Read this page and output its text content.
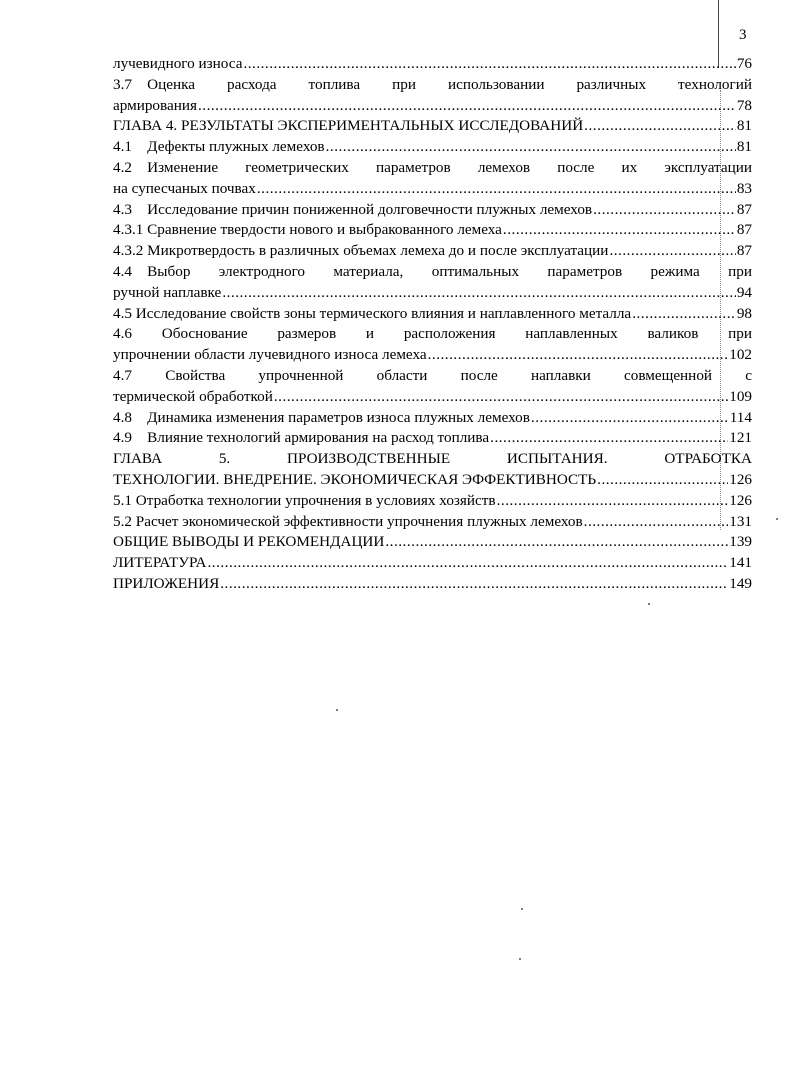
3
лучевидного износа .....	76
3.7 Оценка расхода топлива при использовании различных технологий
армирования .....	78
ГЛАВА 4. РЕЗУЛЬТАТЫ ЭКСПЕРИМЕНТАЛЬНЫХ ИССЛЕДОВАНИЙ .....	81
4.1 Дефекты плужных лемехов .....	81
4.2 Изменение геометрических параметров лемехов после их эксплуатации
на супесчаных почвах .....	83
4.3 Исследование причин пониженной долговечности плужных лемехов .....	87
4.3.1 Сравнение твердости нового и выбракованного лемеха .....	87
4.3.2 Микротвердость в различных объемах лемеха до и после эксплуатации .....	87
4.4 Выбор электродного материала, оптимальных параметров режима при
ручной наплавке .....	94
4.5 Исследование свойств зоны термического влияния и наплавленного металла .....	98
4.6 Обоснование размеров и расположения наплавленных валиков при
упрочнении области лучевидного износа лемеха .....	102
4.7 Свойства упрочненной области после наплавки совмещенной с
термической обработкой .....	109
4.8 Динамика изменения параметров износа плужных лемехов .....	114
4.9 Влияние технологий армирования на расход топлива .....	121
ГЛАВА 5. ПРОИЗВОДСТВЕННЫЕ ИСПЫТАНИЯ. ОТРАБОТКА
ТЕХНОЛОГИИ. ВНЕДРЕНИЕ. ЭКОНОМИЧЕСКАЯ ЭФФЕКТИВНОСТЬ .....	126
5.1 Отработка технологии упрочнения в условиях хозяйств .....	126
5.2 Расчет экономической эффективности упрочнения плужных лемехов .....	131
ОБЩИЕ ВЫВОДЫ И РЕКОМЕНДАЦИИ .....	139
ЛИТЕРАТУРА .....	141
ПРИЛОЖЕНИЯ .....	149
